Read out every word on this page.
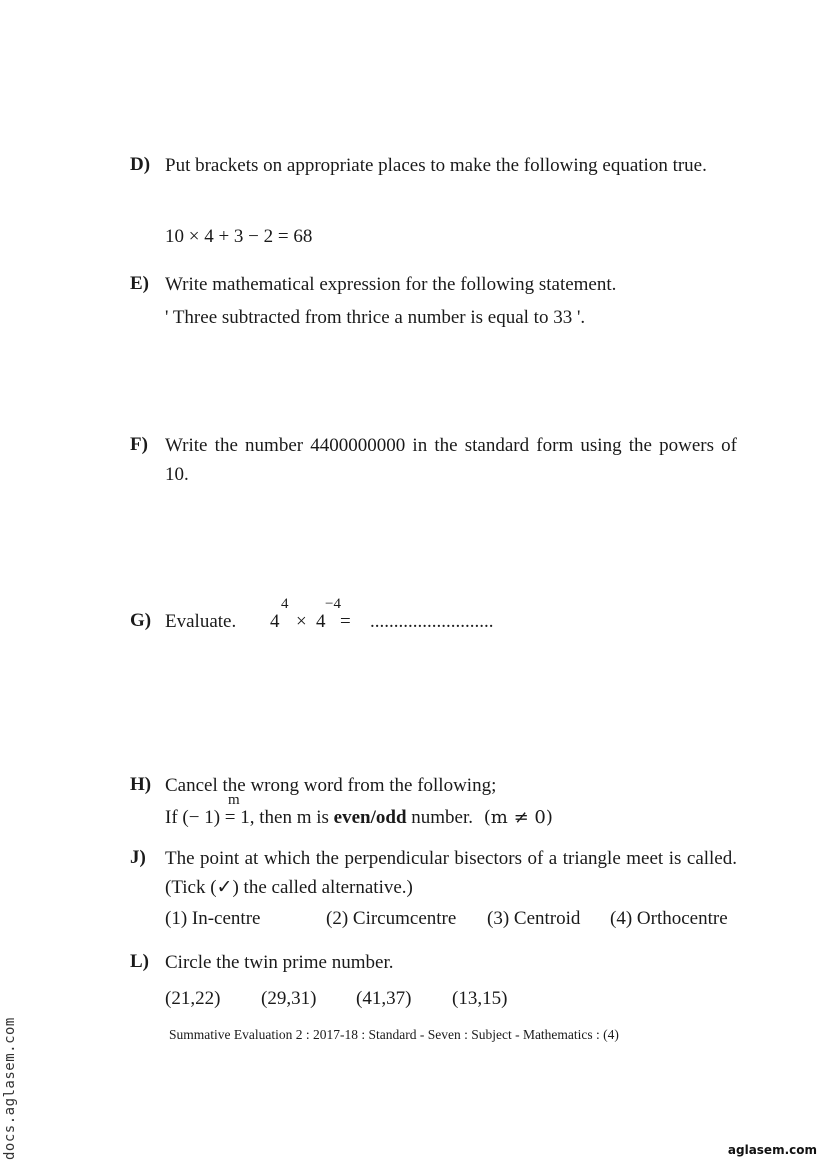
D) Put brackets on appropriate places to make the following equation true.
10 × 4 + 3 − 2 = 68
E) Write mathematical expression for the following statement.
' Three subtracted from thrice a number is equal to 33 '.
F) Write the number 4400000000 in the standard form using the powers of 10.
G) Evaluate. 4
4
× 4
−4
= ..........................
H) Cancel the wrong word from the following;
If (− 1) = 1, then m is even/odd number. (m ≠ 0)
m
J) The point at which the perpendicular bisectors of a triangle meet is called. (Tick (✓) the called alternative.)
(1) In-centre	(2) Circumcentre (3) Centroid (4) Orthocentre
L) Circle the twin prime number.
(21,22) (29,31) (41,37) (13,15)
Summative Evaluation 2 : 2017-18 : Standard - Seven : Subject - Mathematics : (4)
docs.aglasem.com	aglasem.com
